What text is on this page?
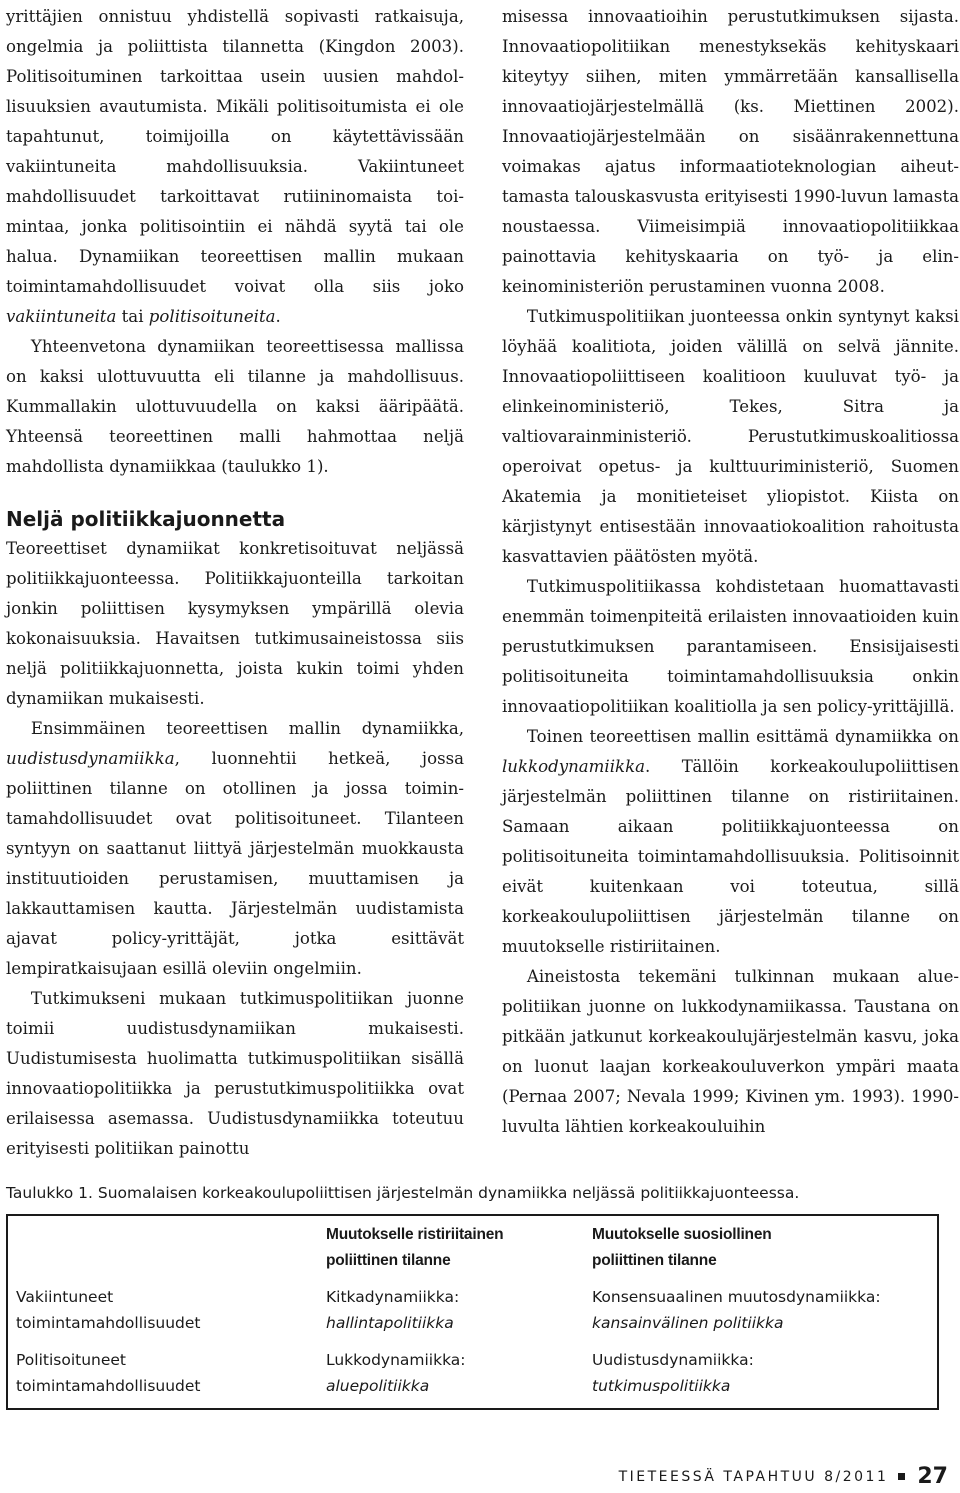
yrittäjien onnistuu yhdistellä sopivasti ratkaisuja, ongelmia ja poliittista tilannetta (Kingdon 2003). Politisoituminen tarkoittaa usein uusien mahdollisuuksien avautumista. Mikäli politisoitumista ei ole tapahtunut, toimijoilla on käytettävissään vakiintuneita mahdollisuuksia. Vakiintuneet mahdollisuudet tarkoittavat rutiininomaista toimintaa, jonka politisointiin ei nähdä syytä tai ole halua. Dynamiikan teoreettisen mallin mukaan toimintamahdollisuudet voivat olla siis joko vakiintuneita tai politisoituneita.

Yhteenvetona dynamiikan teoreettisessa mallissa on kaksi ulottuvuutta eli tilanne ja mahdollisuus. Kummallakin ulottuvuudella on kaksi ääripäätä. Yhteensä teoreettinen malli hahmottaa neljä mahdollista dynamiikkaa (taulukko 1).

Neljä politiikkajuonnetta

Teoreettiset dynamiikat konkretisoituvat neljässä politiikkajuonteessa. Politiikkajuonteilla tarkoitan jonkin poliittisen kysymyksen ympärillä olevia kokonaisuuksia. Havaitsen tutkimusaineistossa siis neljä politiikkajuonnetta, joista kukin toimi yhden dynamiikan mukaisesti.

Ensimmäinen teoreettisen mallin dynamiikka, uudistusdynamiikka, luonnehtii hetkeä, jossa poliittinen tilanne on otollinen ja jossa toimintamahdollisuudet ovat politisoituneet. Tilanteen syntyyn on saattanut liittyä järjestelmän muokkausta instituutioiden perustamisen, muuttamisen ja lakkauttamisen kautta. Järjestelmän uudistamista ajavat policy-yrittäjät, jotka esittävät lempiratkaisujaan esillä oleviin ongelmiin.

Tutkimukseni mukaan tutkimuspolitiikan juonne toimii uudistusdynamiikan mukaisesti. Uudistumisesta huolimatta tutkimuspolitiikan sisällä innovaatiopolitiikka ja perustutkimuspolitiikka ovat erilaisessa asemassa. Uudistusdynamiikka toteutuu erityisesti politiikan painottu

misessa innovaatioihin perustutkimuksen sijasta. Innovaatiopolitiikan menestyksekäs kehityskaari kiteytyy siihen, miten ymmärretään kansallisella innovaatiojärjestelmällä (ks. Miettinen 2002). Innovaatiojärjestelmään on sisäänrakennettuna voimakas ajatus informaatioteknologian aiheuttamasta talouskasvusta erityisesti 1990-luvun lamasta noustaessa. Viimeisimpiä innovaatiopolitiikkaa painottavia kehityskaaria on työ- ja elinkeinoministeriön perustaminen vuonna 2008.

Tutkimuspolitiikan juonteessa onkin syntynyt kaksi löyhää koalitiota, joiden välillä on selvä jännite. Innovaatiopoliittiseen koalitioon kuuluvat työ- ja elinkeinoministeriö, Tekes, Sitra ja valtiovarainministeriö. Perustutkimuskoalitiossa operoivat opetus- ja kulttuuriministeriö, Suomen Akatemia ja monitieteiset yliopistot. Kiista on kärjistynyt entisestään innovaatiokoalition rahoitusta kasvattavien päätösten myötä.

Tutkimuspolitiikassa kohdistetaan huomattavasti enemmän toimenpiteitä erilaisten innovaatioiden kuin perustutkimuksen parantamiseen. Ensisijaisesti politisoituneita toimintamahdollisuuksia onkin innovaatiopolitiikan koalitiolla ja sen policy-yrittäjillä.

Toinen teoreettisen mallin esittämä dynamiikka on lukkodynamiikka. Tällöin korkeakoulupoliittisen järjestelmän poliittinen tilanne on ristiriitainen. Samaan aikaan politiikkajuonteessa on politisoituneita toimintamahdollisuuksia. Politisoinnit eivät kuitenkaan voi toteutua, sillä korkeakoulupoliittisen järjestelmän tilanne on muutokselle ristiriitainen.

Aineistosta tekemäni tulkinnan mukaan aluepolitiikan juonne on lukkodynamiikassa. Taustana on pitkään jatkunut korkeakoulujärjestelmän kasvu, joka on luonut laajan korkeakouluverkon ympäri maata (Pernaa 2007; Nevala 1999; Kivinen ym. 1993). 1990-luvulta lähtien korkeakouluihin

Taulukko 1. Suomalaisen korkeakoulupoliittisen järjestelmän dynamiikka neljässä politiikkajuonteessa.
Muutokselle ristiriitainen
poliittinen tilanne
Muutokselle suosiollinen
poliittinen tilanne
Vakiintuneet
toimintamahdollisuudet
Kitkadynamiikka:
hallintapolitiikka
Konsensuaalinen muutosdynamiikka:
kansainvälinen politiikka
Politisoituneet
toimintamahdollisuudet
Lukkodynamiikka:
aluepolitiikka
Uudistusdynamiikka:
tutkimuspolitiikka
TIETEESSÄ TAPAHTUU 8/2011 27
